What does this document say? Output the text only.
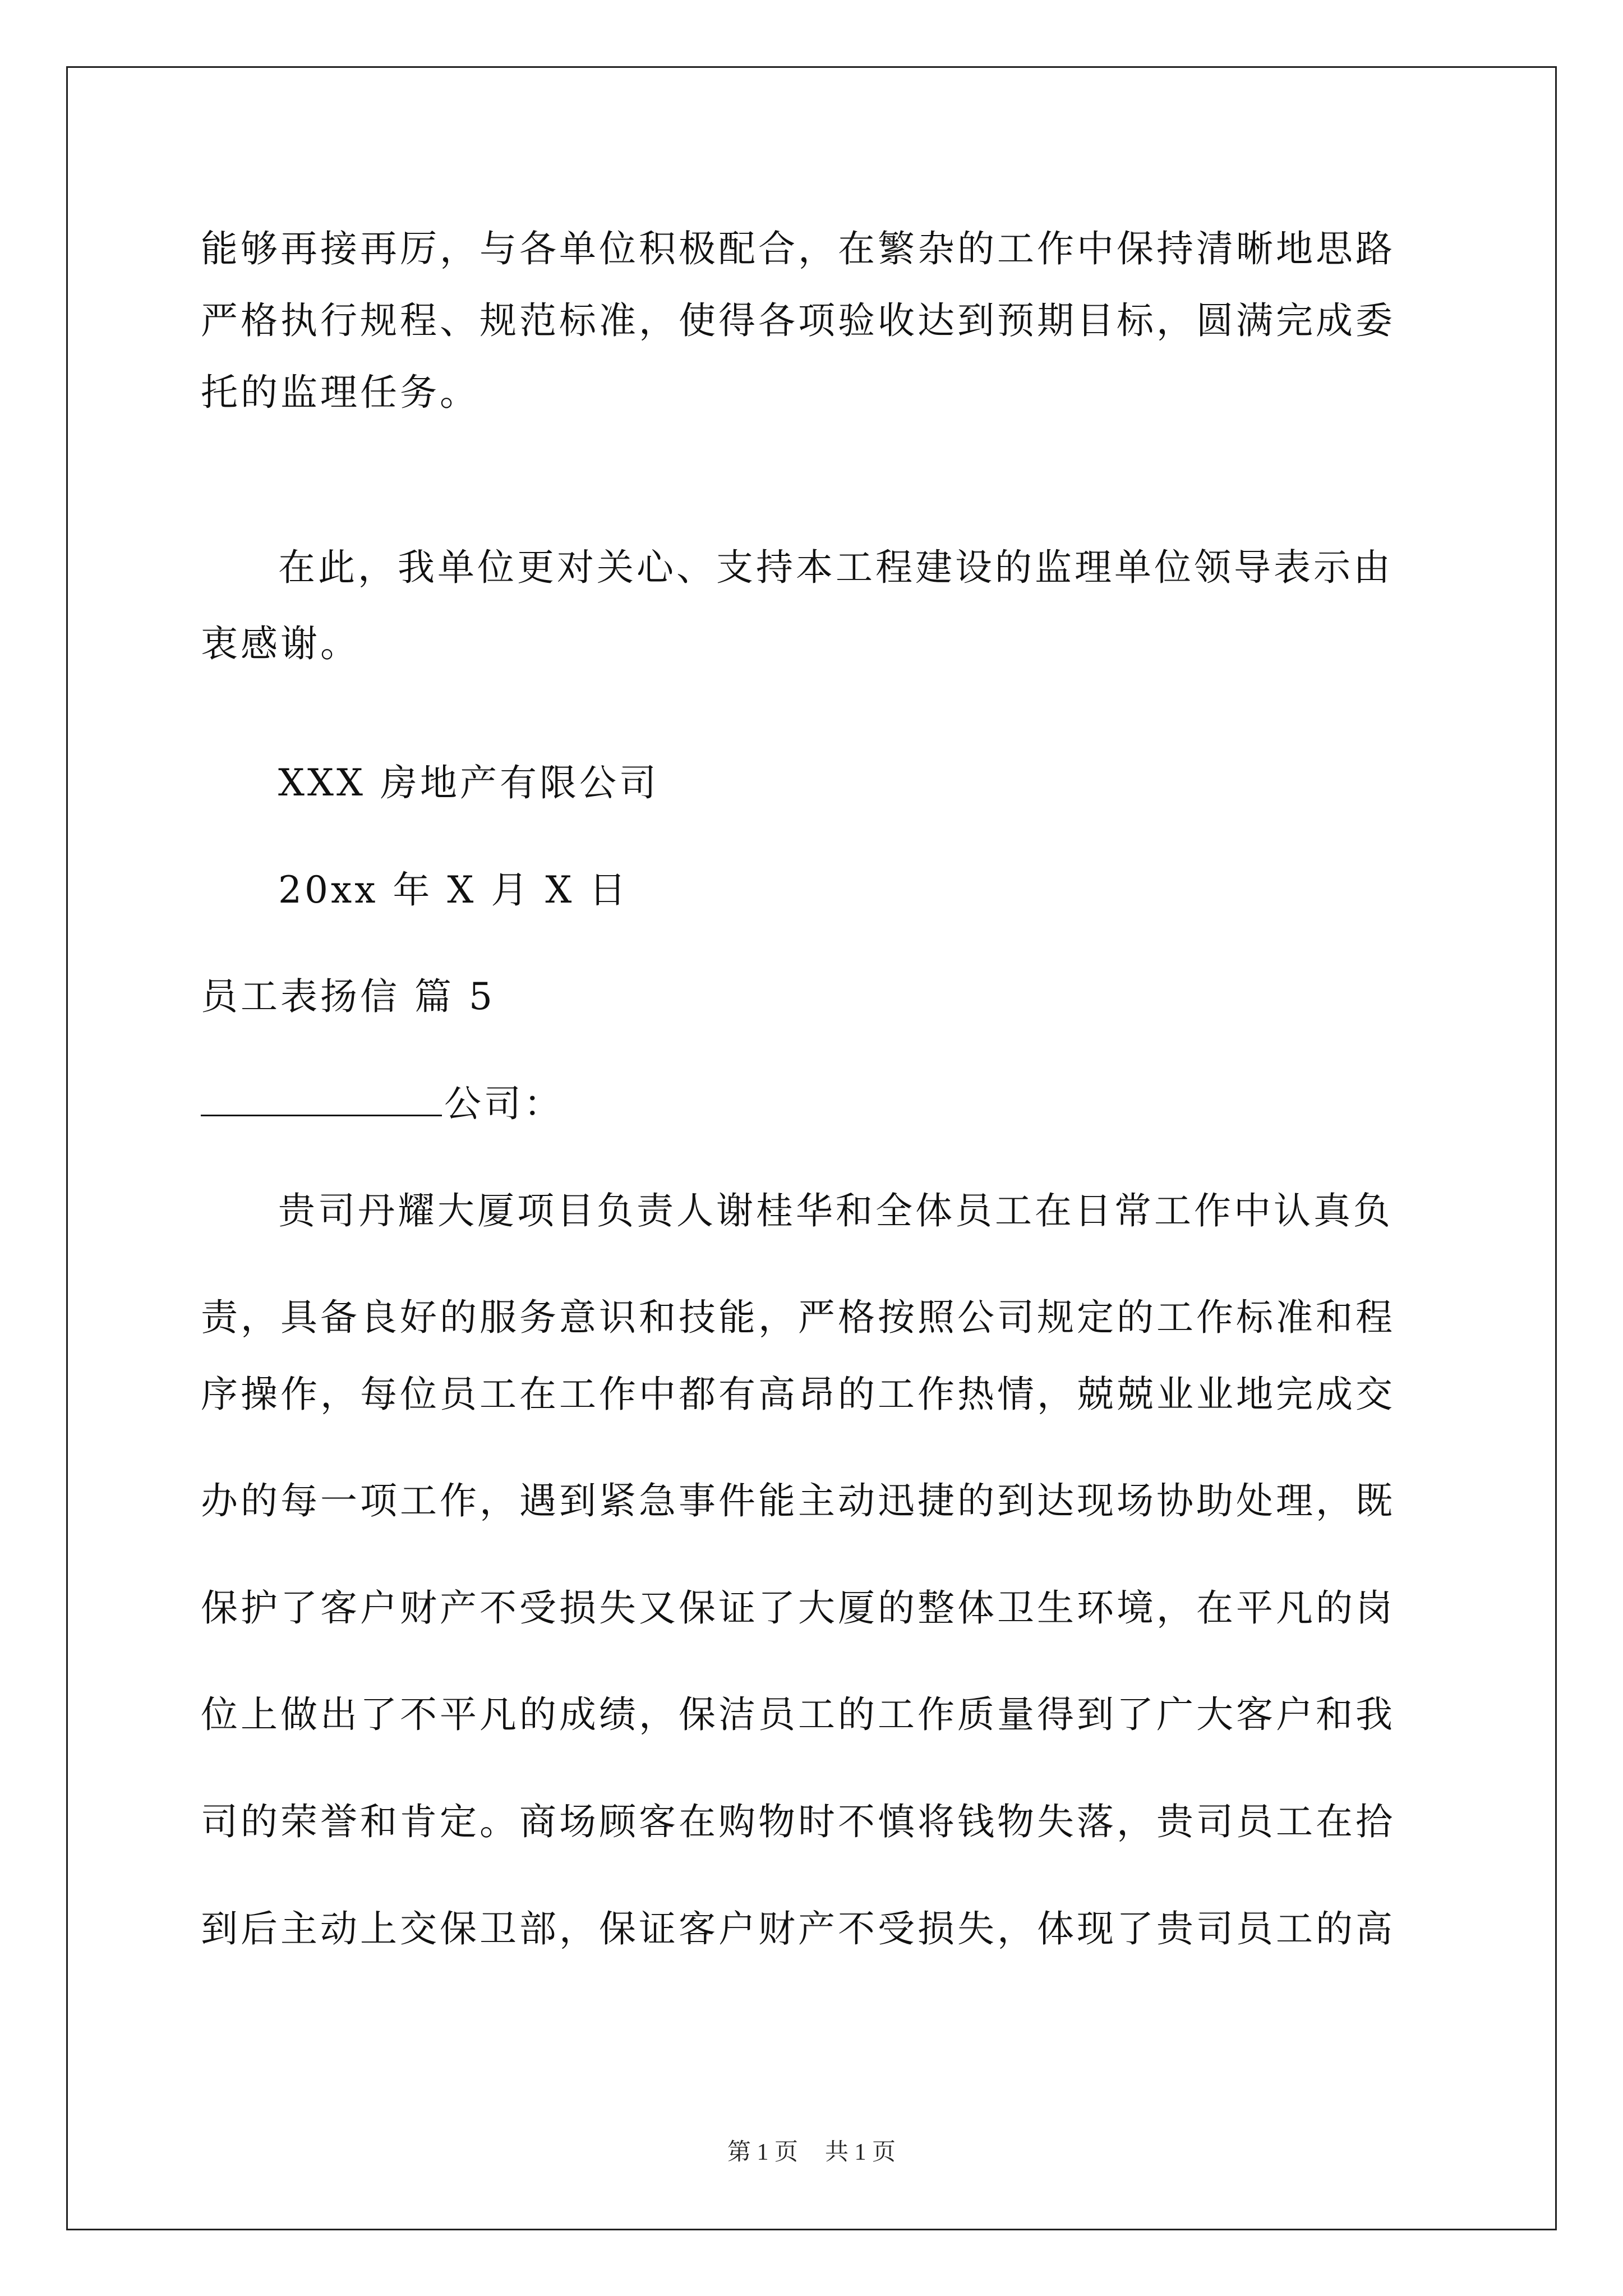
能够再接再厉，与各单位积极配合，在繁杂的工作中保持清晰地思路
严格执行规程、规范标准，使得各项验收达到预期目标，圆满完成委
托的监理任务。
在此，我单位更对关心、支持本工程建设的监理单位领导表示由
衷感谢。
XXX 房地产有限公司
20xx 年 X 月 X 日
员工表扬信 篇 5
公司：
贵司丹耀大厦项目负责人谢桂华和全体员工在日常工作中认真负
责，具备良好的服务意识和技能，严格按照公司规定的工作标准和程
序操作，每位员工在工作中都有高昂的工作热情，兢兢业业地完成交
办的每一项工作，遇到紧急事件能主动迅捷的到达现场协助处理，既
保护了客户财产不受损失又保证了大厦的整体卫生环境，在平凡的岗
位上做出了不平凡的成绩，保洁员工的工作质量得到了广大客户和我
司的荣誉和肯定。商场顾客在购物时不慎将钱物失落，贵司员工在拾
到后主动上交保卫部，保证客户财产不受损失，体现了贵司员工的高
第 1 页 共 1 页
